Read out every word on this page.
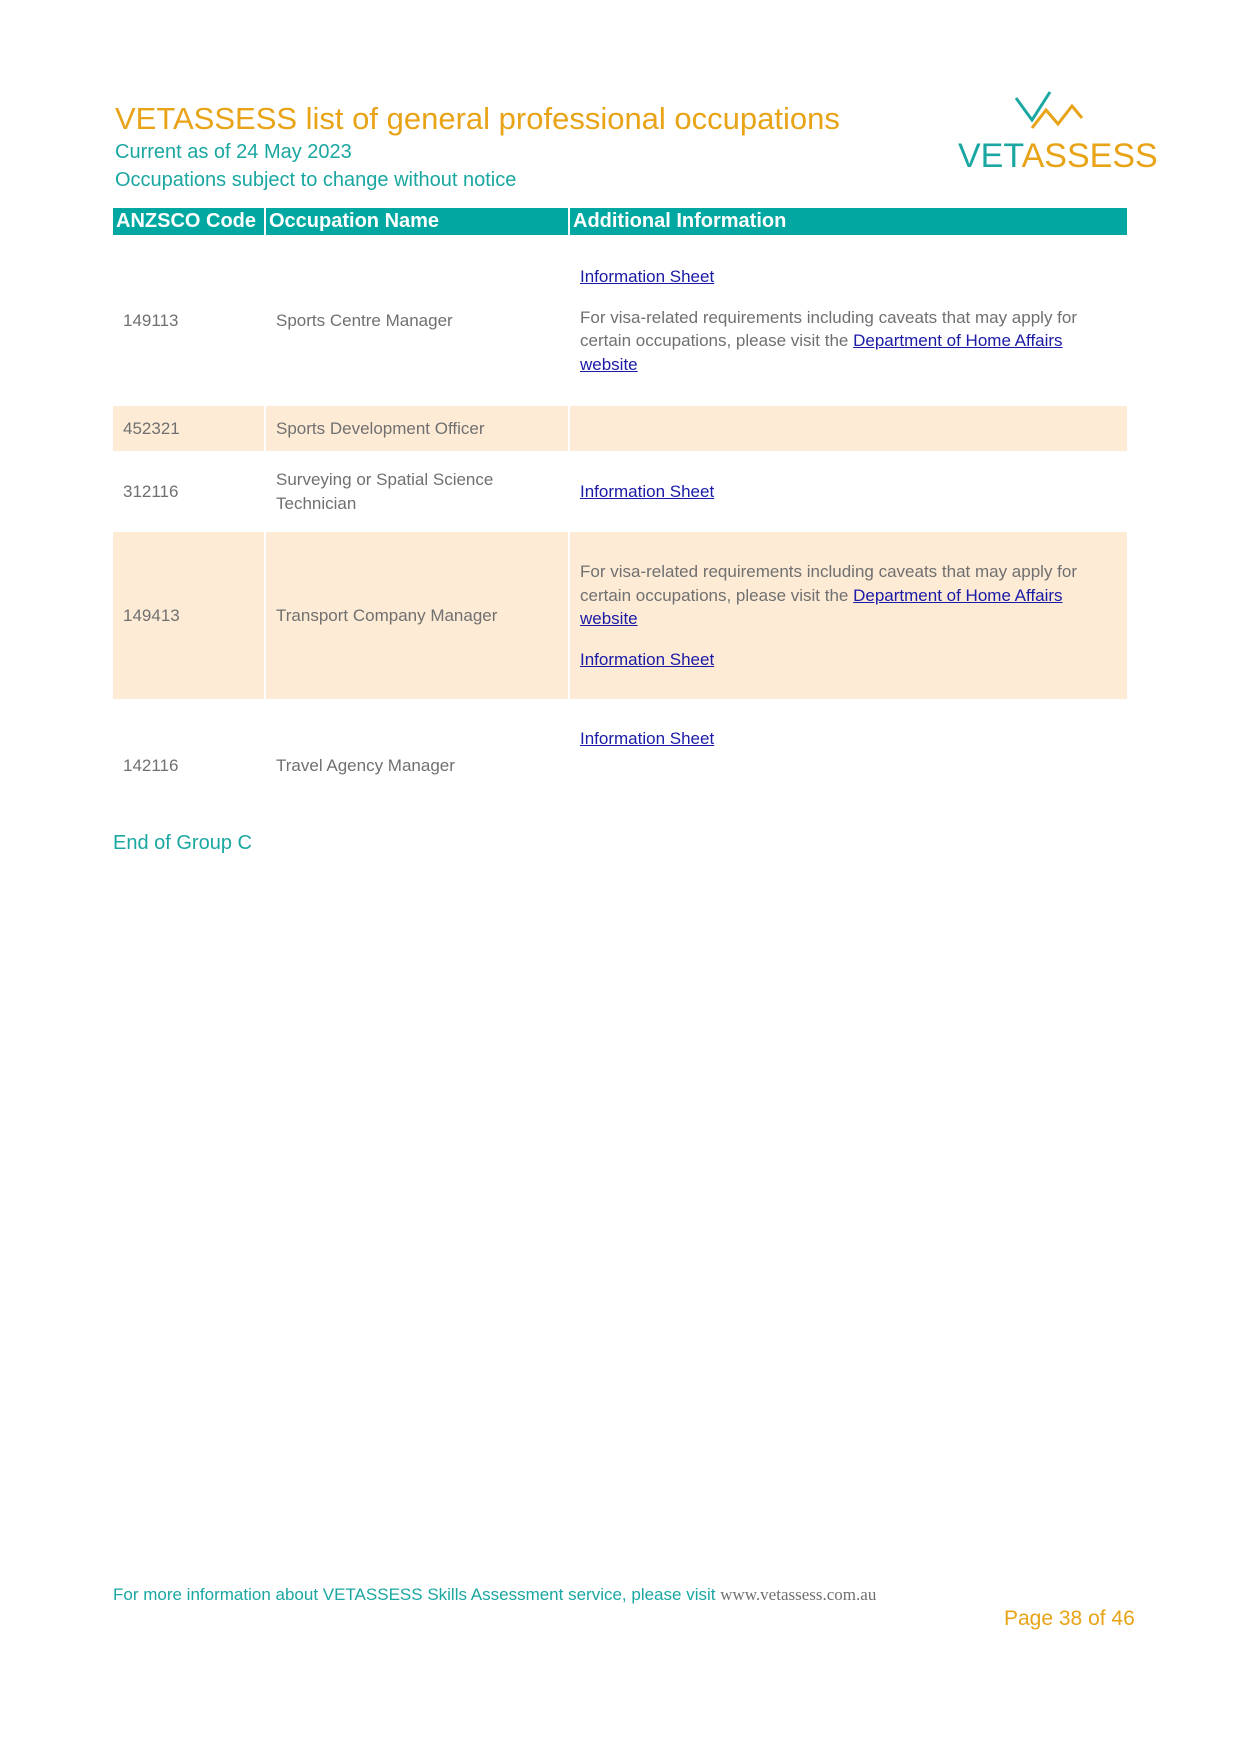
VETASSESS list of general professional occupations
Current as of 24 May 2023
Occupations subject to change without notice
VETASSESS
ANZSCO Code	Occupation Name	Additional Information
149113	Sports Centre Manager	Information Sheet

For visa-related requirements including caveats that may apply for certain occupations, please visit the Department of Home Affairs website

452321	Sports Development Officer	
312116	Surveying or Spatial Science Technician	Information Sheet

149413	Transport Company Manager	For visa-related requirements including caveats that may apply for certain occupations, please visit the Department of Home Affairs website

Information Sheet

142116	Travel Agency Manager	Information Sheet

End of Group C
For more information about VETASSESS Skills Assessment service, please visit www.vetassess.com.au
Page 38 of 46
